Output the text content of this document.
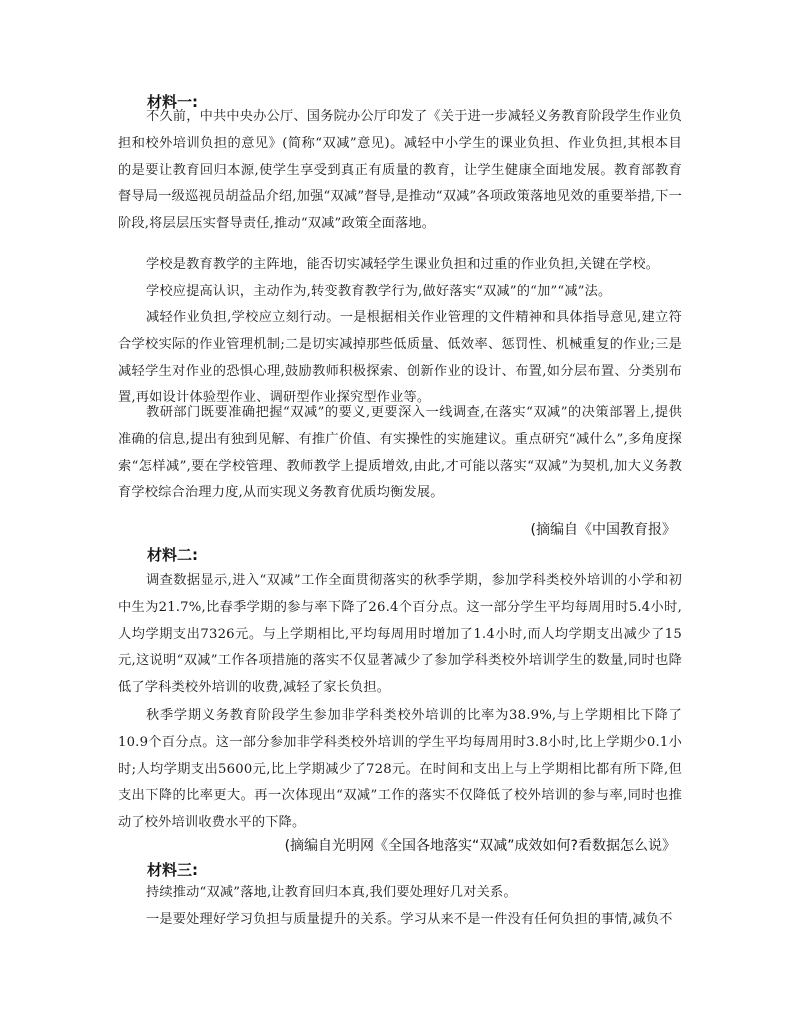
材料一:

不久前，中共中央办公厅、国务院办公厅印发了《关于进一步减轻义务教育阶段学生作业负担和校外培训负担的意见》(简称“双减”意见)。减轻中小学生的课业负担、作业负担,其根本目的是要让教育回归本源,使学生享受到真正有质量的教育，让学生健康全面地发展。教育部教育督导局一级巡视员胡益品介绍,加强“双减”督导,是推动“双减”各项政策落地见效的重要举措,下一阶段,将层层压实督导责任,推动“双减”政策全面落地。

学校是教育教学的主阵地，能否切实减轻学生课业负担和过重的作业负担,关键在学校。

学校应提高认识，主动作为,转变教育教学行为,做好落实“双减”的“加”“减”法。

减轻作业负担,学校应立刻行动。一是根据相关作业管理的文件精神和具体指导意见,建立符合学校实际的作业管理机制;二是切实减掉那些低质量、低效率、惩罚性、机械重复的作业;三是减轻学生对作业的恐惧心理,鼓励教师积极探索、创新作业的设计、布置,如分层布置、分类别布置,再如设计体验型作业、调研型作业探究型作业等。

教研部门既要准确把握“双减”的要义,更要深入一线调查,在落实“双减”的决策部署上,提供准确的信息,提出有独到见解、有推广价值、有实操性的实施建议。重点研究“减什么”,多角度探索“怎样减”,要在学校管理、教师教学上提质增效,由此,才可能以落实“双减”为契机,加大义务教育学校综合治理力度,从而实现义务教育优质均衡发展。

(摘编自《中国教育报》
材料二:

调查数据显示,进入“双减”工作全面贯彻落实的秋季学期，参加学科类校外培训的小学和初中生为21.7%,比春季学期的参与率下降了26.4个百分点。这一部分学生平均每周用时5.4小时,人均学期支出7326元。与上学期相比,平均每周用时增加了1.4小时,而人均学期支出减少了15元,这说明“双减”工作各项措施的落实不仅显著减少了参加学科类校外培训学生的数量,同时也降低了学科类校外培训的收费,减轻了家长负担。

秋季学期义务教育阶段学生参加非学科类校外培训的比率为38.9%,与上学期相比下降了10.9个百分点。这一部分参加非学科类校外培训的学生平均每周用时3.8小时,比上学期少0.1小时;人均学期支出5600元,比上学期减少了728元。在时间和支出上与上学期相比都有所下降,但支出下降的比率更大。再一次体现出“双减”工作的落实不仅降低了校外培训的参与率,同时也推动了校外培训收费水平的下降。

(摘编自光明网《全国各地落实“双减”成效如何?看数据怎么说》
材料三:

持续推动“双减”落地,让教育回归本真,我们要处理好几对关系。

一是要处理好学习负担与质量提升的关系。学习从来不是一件没有任何负担的事情,减负不
